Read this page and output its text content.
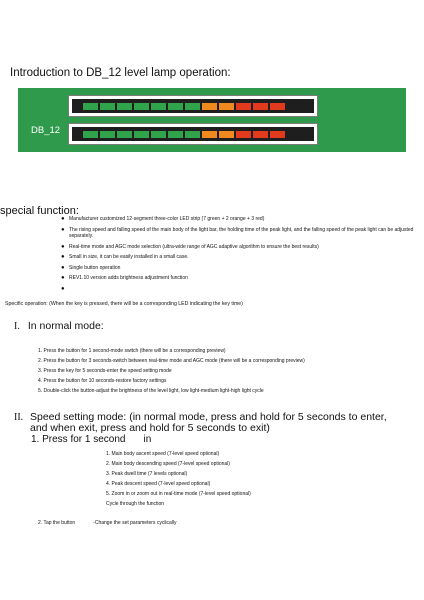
Introduction to DB_12 level lamp operation:
DB_12
special function:
● Manufacturer customized 12-segment three-color LED strip (7 green + 2 orange + 3 red)
● The rising speed and falling speed of the main body of the light bar, the holding time of the peak light, and the falling speed of the peak light can be adjusted separately.
● Real-time mode and AGC mode selection (ultra-wide range of AGC adaptive algorithm to ensure the best results)
● Small in size, it can be easily installed in a small case.
● Single button operation
● REV1.10 version adds brightness adjustment function
●
Specific operation: (When the key is pressed, there will be a corresponding LED indicating the key time)
I. In normal mode:
1. Press the button for 1 second-mode switch (there will be a corresponding preview)
2. Press the button for 3 seconds-switch between real-time mode and AGC mode (there will be a corresponding preview)
3. Press the key for 5 seconds-enter the speed setting mode
4. Press the button for 10 seconds-restore factory settings
5. Double-click the button-adjust the brightness of the level light, low light-medium light-high light cycle
II. Speed setting mode: (in normal mode, press and hold for 5 seconds to enter,
and when exit, press and hold for 5 seconds to exit)
1. Press for 1 second in
1. Main body ascent speed (7-level speed optional)
2. Main body descending speed (7-level speed optional)
3. Peak dwell time (7 levels optional)
4. Peak descent speed (7-level speed optional)
5. Zoom in or zoom out in real-time mode (7-level speed optional)
Cycle through the function
2. Tap the button	-Change the set parameters cyclically
